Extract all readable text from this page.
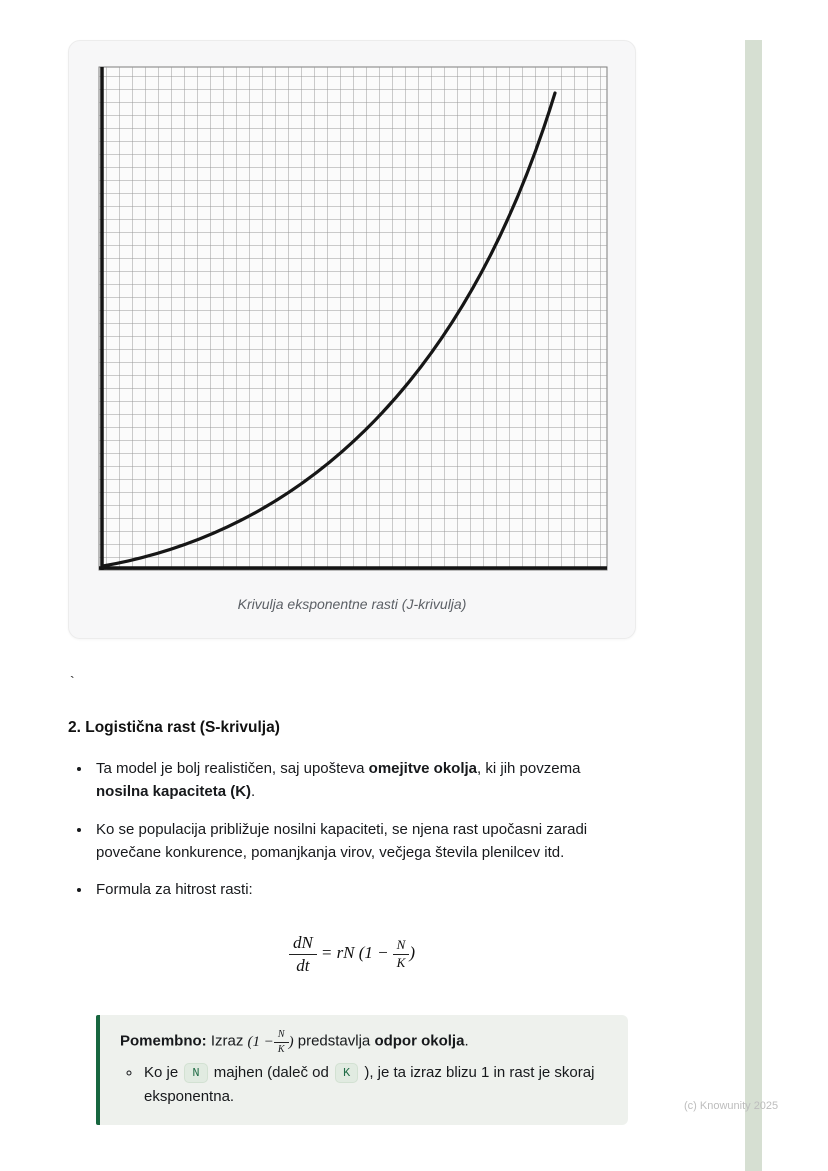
Krivulja eksponentne rasti (J-krivulja)
`
2. Logistična rast (S-krivulja)
• Ta model je bolj realističen, saj upošteva omejitve okolja, ki jih povzema nosilna kapaciteta (K).
• Ko se populacija približuje nosilni kapaciteti, se njena rast upočasni zaradi povečane konkurence, pomanjkanja virov, večjega števila plenilcev itd.
• Formula za hitrost rasti:
$\frac{dN}{dt}$ = rN ($1 - \frac{N}{K}$ )

Pomembno: Izraz ($1 - \frac{N}{K}$ ) predstavlja odpor okolja.

◦ Ko je N majhen (daleč od K ), je ta izraz blizu 1 in rast je skoraj eksponentna.
(c) Knowunity 2025
